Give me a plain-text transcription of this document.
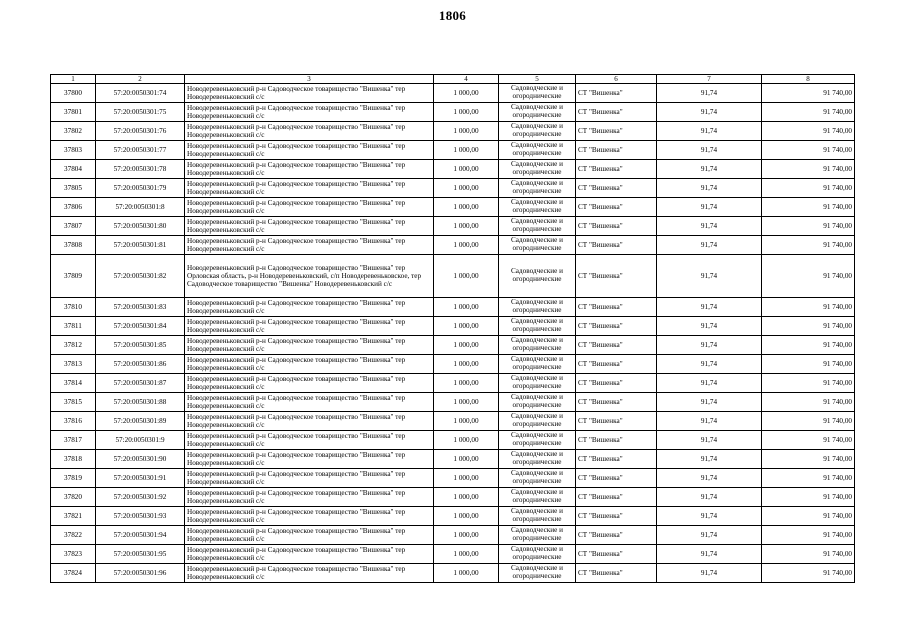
1806
1	2	3	4	5	6	7	8
37800	57:20:0050301:74	Новодеревеньковский р-н Садоводческое товарищество "Вишенка" тер Новодеревеньковский с/с	1 000,00	Садоводческие и огороднические	СТ "Вишенка"	91,74	91 740,00
37801	57:20:0050301:75	Новодеревеньковский р-н Садоводческое товарищество "Вишенка" тер Новодеревеньковский с/с	1 000,00	Садоводческие и огороднические	СТ "Вишенка"	91,74	91 740,00
37802	57:20:0050301:76	Новодеревеньковский р-н Садоводческое товарищество "Вишенка" тер Новодеревеньковский с/с	1 000,00	Садоводческие и огороднические	СТ "Вишенка"	91,74	91 740,00
37803	57:20:0050301:77	Новодеревеньковский р-н Садоводческое товарищество "Вишенка" тер Новодеревеньковский с/с	1 000,00	Садоводческие и огороднические	СТ "Вишенка"	91,74	91 740,00
37804	57:20:0050301:78	Новодеревеньковский р-н Садоводческое товарищество "Вишенка" тер Новодеревеньковский с/с	1 000,00	Садоводческие и огороднические	СТ "Вишенка"	91,74	91 740,00
37805	57:20:0050301:79	Новодеревеньковский р-н Садоводческое товарищество "Вишенка" тер Новодеревеньковский с/с	1 000,00	Садоводческие и огороднические	СТ "Вишенка"	91,74	91 740,00
37806	57:20:0050301:8	Новодеревеньковский р-н Садоводческое товарищество "Вишенка" тер Новодеревеньковский с/с	1 000,00	Садоводческие и огороднические	СТ "Вишенка"	91,74	91 740,00
37807	57:20:0050301:80	Новодеревеньковский р-н Садоводческое товарищество "Вишенка" тер Новодеревеньковский с/с	1 000,00	Садоводческие и огороднические	СТ "Вишенка"	91,74	91 740,00
37808	57:20:0050301:81	Новодеревеньковский р-н Садоводческое товарищество "Вишенка" тер Новодеревеньковский с/с	1 000,00	Садоводческие и огороднические	СТ "Вишенка"	91,74	91 740,00
37809	57:20:0050301:82	Новодеревеньковский р-н Садоводческое товарищество "Вишенка" тер Орловская область, р-н Новодеревеньковский, с/п Новодеревеньковское, тер Садоводческое товарищество "Вишенка" Новодеревеньковский с/с	1 000,00	Садоводческие и огороднические	СТ "Вишенка"	91,74	91 740,00
37810	57:20:0050301:83	Новодеревеньковский р-н Садоводческое товарищество "Вишенка" тер Новодеревеньковский с/с	1 000,00	Садоводческие и огороднические	СТ "Вишенка"	91,74	91 740,00
37811	57:20:0050301:84	Новодеревеньковский р-н Садоводческое товарищество "Вишенка" тер Новодеревеньковский с/с	1 000,00	Садоводческие и огороднические	СТ "Вишенка"	91,74	91 740,00
37812	57:20:0050301:85	Новодеревеньковский р-н Садоводческое товарищество "Вишенка" тер Новодеревеньковский с/с	1 000,00	Садоводческие и огороднические	СТ "Вишенка"	91,74	91 740,00
37813	57:20:0050301:86	Новодеревеньковский р-н Садоводческое товарищество "Вишенка" тер Новодеревеньковский с/с	1 000,00	Садоводческие и огороднические	СТ "Вишенка"	91,74	91 740,00
37814	57:20:0050301:87	Новодеревеньковский р-н Садоводческое товарищество "Вишенка" тер Новодеревеньковский с/с	1 000,00	Садоводческие и огороднические	СТ "Вишенка"	91,74	91 740,00
37815	57:20:0050301:88	Новодеревеньковский р-н Садоводческое товарищество "Вишенка" тер Новодеревеньковский с/с	1 000,00	Садоводческие и огороднические	СТ "Вишенка"	91,74	91 740,00
37816	57:20:0050301:89	Новодеревеньковский р-н Садоводческое товарищество "Вишенка" тер Новодеревеньковский с/с	1 000,00	Садоводческие и огороднические	СТ "Вишенка"	91,74	91 740,00
37817	57:20:0050301:9	Новодеревеньковский р-н Садоводческое товарищество "Вишенка" тер Новодеревеньковский с/с	1 000,00	Садоводческие и огороднические	СТ "Вишенка"	91,74	91 740,00
37818	57:20:0050301:90	Новодеревеньковский р-н Садоводческое товарищество "Вишенка" тер Новодеревеньковский с/с	1 000,00	Садоводческие и огороднические	СТ "Вишенка"	91,74	91 740,00
37819	57:20:0050301:91	Новодеревеньковский р-н Садоводческое товарищество "Вишенка" тер Новодеревеньковский с/с	1 000,00	Садоводческие и огороднические	СТ "Вишенка"	91,74	91 740,00
37820	57:20:0050301:92	Новодеревеньковский р-н Садоводческое товарищество "Вишенка" тер Новодеревеньковский с/с	1 000,00	Садоводческие и огороднические	СТ "Вишенка"	91,74	91 740,00
37821	57:20:0050301:93	Новодеревеньковский р-н Садоводческое товарищество "Вишенка" тер Новодеревеньковский с/с	1 000,00	Садоводческие и огороднические	СТ "Вишенка"	91,74	91 740,00
37822	57:20:0050301:94	Новодеревеньковский р-н Садоводческое товарищество "Вишенка" тер Новодеревеньковский с/с	1 000,00	Садоводческие и огороднические	СТ "Вишенка"	91,74	91 740,00
37823	57:20:0050301:95	Новодеревеньковский р-н Садоводческое товарищество "Вишенка" тер Новодеревеньковский с/с	1 000,00	Садоводческие и огороднические	СТ "Вишенка"	91,74	91 740,00
37824	57:20:0050301:96	Новодеревеньковский р-н Садоводческое товарищество "Вишенка" тер Новодеревеньковский с/с	1 000,00	Садоводческие и огороднические	СТ "Вишенка"	91,74	91 740,00
